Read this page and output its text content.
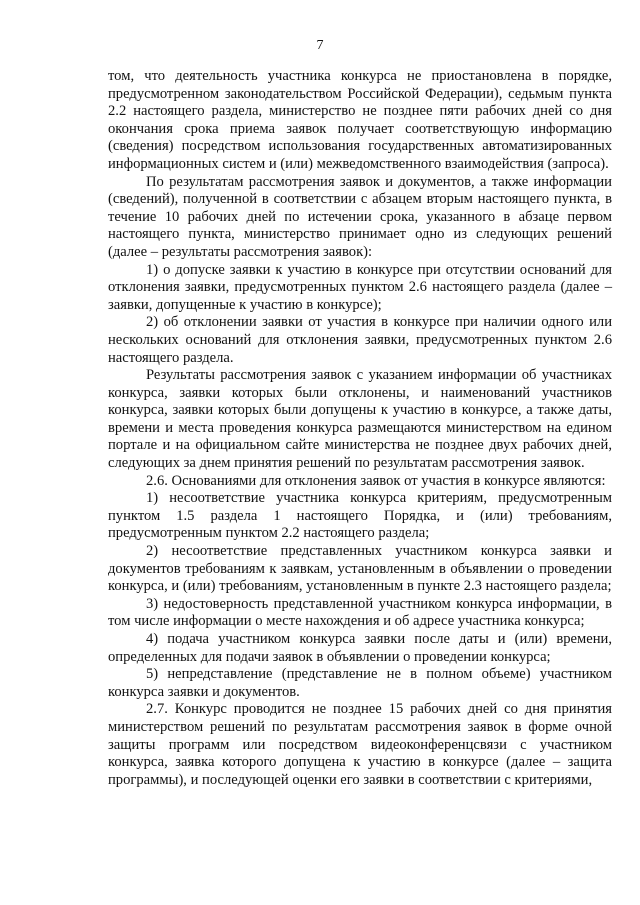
7

том, что деятельность участника конкурса не приостановлена в порядке, предусмотренном законодательством Российской Федерации), седьмым пункта 2.2 настоящего раздела, министерство не позднее пяти рабочих дней со дня окончания срока приема заявок получает соответствующую информацию (сведения) посредством использования государственных автоматизированных информационных систем и (или) межведомственного взаимодействия (запроса).

По результатам рассмотрения заявок и документов, а также информации (сведений), полученной в соответствии с абзацем вторым настоящего пункта, в течение 10 рабочих дней по истечении срока, указанного в абзаце первом настоящего пункта, министерство принимает одно из следующих решений (далее – результаты рассмотрения заявок):

1) о допуске заявки к участию в конкурсе при отсутствии оснований для отклонения заявки, предусмотренных пунктом 2.6 настоящего раздела (далее – заявки, допущенные к участию в конкурсе);

2) об отклонении заявки от участия в конкурсе при наличии одного или нескольких оснований для отклонения заявки, предусмотренных пунктом 2.6 настоящего раздела.

Результаты рассмотрения заявок с указанием информации об участниках конкурса, заявки которых были отклонены, и наименований участников конкурса, заявки которых были допущены к участию в конкурсе, а также даты, времени и места проведения конкурса размещаются министерством на едином портале и на официальном сайте министерства не позднее двух рабочих дней, следующих за днем принятия решений по результатам рассмотрения заявок.

2.6. Основаниями для отклонения заявок от участия в конкурсе являются:

1) несоответствие участника конкурса критериям, предусмотренным пунктом 1.5 раздела 1 настоящего Порядка, и (или) требованиям, предусмотренным пунктом 2.2 настоящего раздела;

2) несоответствие представленных участником конкурса заявки и документов требованиям к заявкам, установленным в объявлении о проведении конкурса, и (или) требованиям, установленным в пункте 2.3 настоящего раздела;

3) недостоверность представленной участником конкурса информации, в том числе информации о месте нахождения и об адресе участника конкурса;

4) подача участником конкурса заявки после даты и (или) времени, определенных для подачи заявок в объявлении о проведении конкурса;

5) непредставление (представление не в полном объеме) участником конкурса заявки и документов.

2.7. Конкурс проводится не позднее 15 рабочих дней со дня принятия министерством решений по результатам рассмотрения заявок в форме очной защиты программ или посредством видеоконференцсвязи с участником конкурса, заявка которого допущена к участию в конкурсе (далее – защита программы), и последующей оценки его заявки в соответствии с критериями,
